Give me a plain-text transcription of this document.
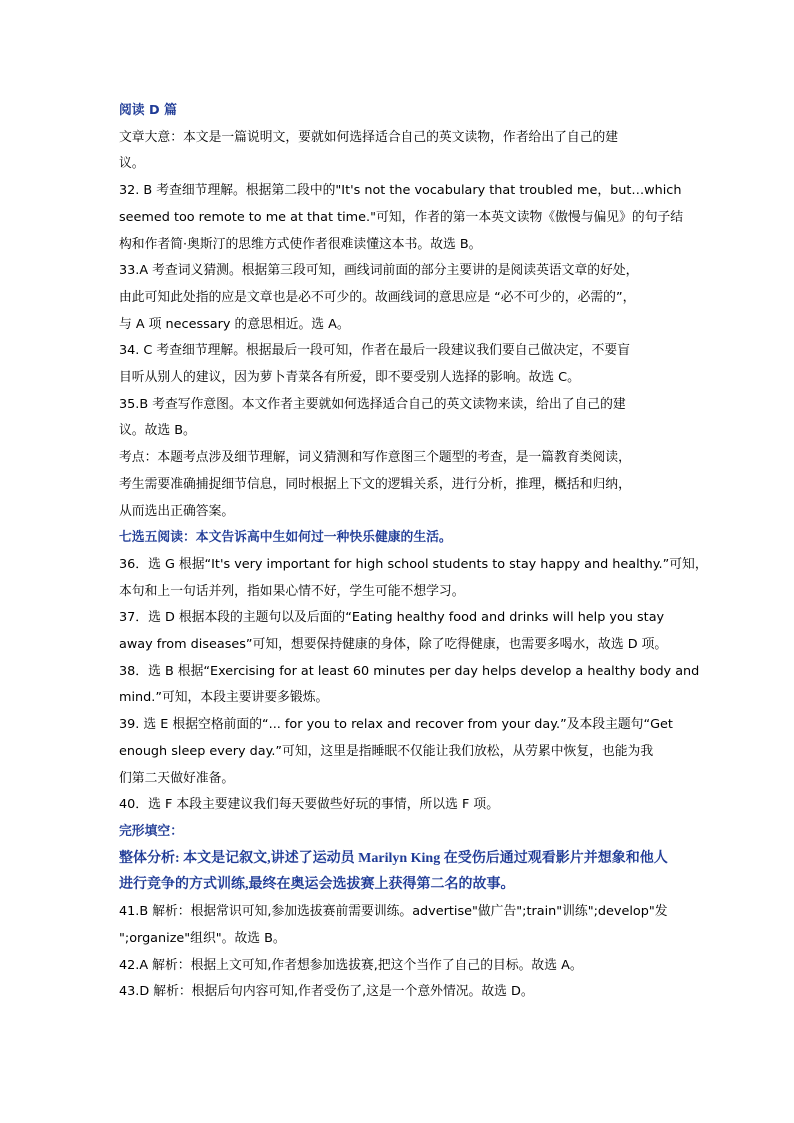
阅读 D 篇
文章大意：本文是一篇说明文，要就如何选择适合自己的英文读物，作者给出了自己的建
议。
32. B 考查细节理解。根据第二段中的"It's not the vocabulary that troubled me，but…which
seemed too remote to me at that time."可知，作者的第一本英文读物《傲慢与偏见》的句子结
构和作者简·奥斯汀的思维方式使作者很难读懂这本书。故选 B。
33.A 考查词义猜测。根据第三段可知，画线词前面的部分主要讲的是阅读英语文章的好处，
由此可知此处指的应是文章也是必不可少的。故画线词的意思应是 “必不可少的，必需的”，
与 A 项 necessary 的意思相近。选 A。
34. C 考查细节理解。根据最后一段可知，作者在最后一段建议我们要自己做决定，不要盲
目听从别人的建议，因为萝卜青菜各有所爱，即不要受别人选择的影响。故选 C。
35.B 考查写作意图。本文作者主要就如何选择适合自己的英文读物来读，给出了自己的建
议。故选 B。
考点：本题考点涉及细节理解，词义猜测和写作意图三个题型的考查，是一篇教育类阅读，
考生需要准确捕捉细节信息，同时根据上下文的逻辑关系，进行分析，推理，概括和归纳，
从而选出正确答案。
七选五阅读：本文告诉高中生如何过一种快乐健康的生活。
36．选 G 根据“It's very important for high school students to stay happy and healthy.”可知，
本句和上一句话并列，指如果心情不好，学生可能不想学习。
37．选 D 根据本段的主题句以及后面的“Eating healthy food and drinks will help you stay
away from diseases”可知，想要保持健康的身体，除了吃得健康，也需要多喝水，故选 D 项。
38．选 B 根据“Exercising for at least 60 minutes per day helps develop a healthy body and
mind.”可知，本段主要讲要多锻炼。
39. 选 E 根据空格前面的“... for you to relax and recover from your day.”及本段主题句“Get
enough sleep every day.”可知，这里是指睡眠不仅能让我们放松，从劳累中恢复，也能为我
们第二天做好准备。
40．选 F 本段主要建议我们每天要做些好玩的事情，所以选 F 项。
完形填空：
整体分析: 本文是记叙文,讲述了运动员 Marilyn King 在受伤后通过观看影片并想象和他人
进行竞争的方式训练,最终在奥运会选拔赛上获得第二名的故事。
41.B 解析：根据常识可知,参加选拔赛前需要训练。advertise"做广告";train"训练";develop"发
";organize"组织"。故选 B。
42.A 解析：根据上文可知,作者想参加选拔赛,把这个当作了自己的目标。故选 A。
43.D 解析：根据后句内容可知,作者受伤了,这是一个意外情况。故选 D。
